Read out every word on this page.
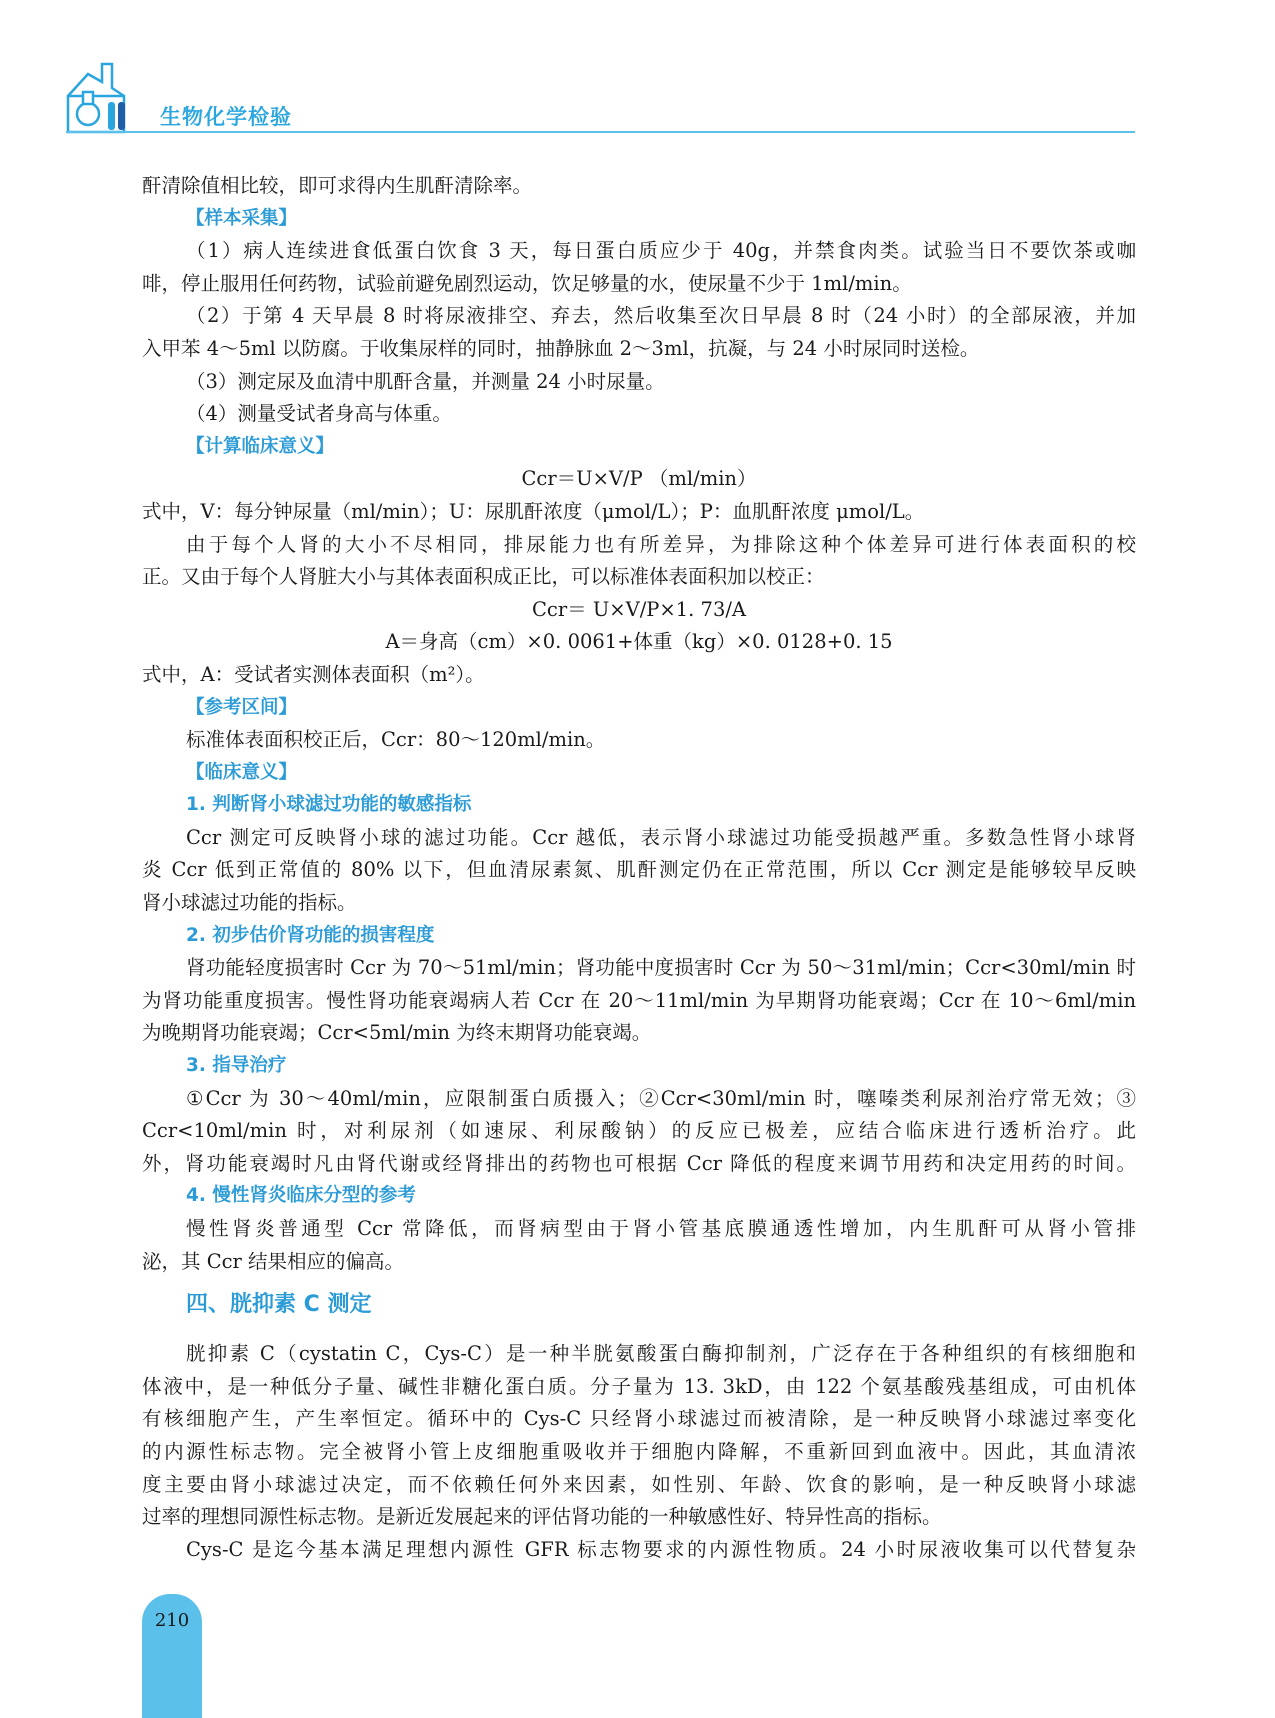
生物化学检验
酐清除值相比较，即可求得内生肌酐清除率。
【样本采集】
（1）病人连续进食低蛋白饮食 3 天，每日蛋白质应少于 40g，并禁食肉类。试验当日不要饮茶或咖
啡，停止服用任何药物，试验前避免剧烈运动，饮足够量的水，使尿量不少于 1ml/min。
（2）于第 4 天早晨 8 时将尿液排空、弃去，然后收集至次日早晨 8 时（24 小时）的全部尿液，并加
入甲苯 4～5ml 以防腐。于收集尿样的同时，抽静脉血 2～3ml，抗凝，与 24 小时尿同时送检。
（3）测定尿及血清中肌酐含量，并测量 24 小时尿量。
（4）测量受试者身高与体重。
【计算临床意义】
Ccr＝U×V/P （ml/min）
式中，V：每分钟尿量（ml/min）；U：尿肌酐浓度（μmol/L）；P：血肌酐浓度 μmol/L。
由于每个人肾的大小不尽相同，排尿能力也有所差异，为排除这种个体差异可进行体表面积的校
正。又由于每个人肾脏大小与其体表面积成正比，可以标准体表面积加以校正：
Ccr＝ U×V/P×1. 73/A
A＝身高（cm）×0. 0061+体重（kg）×0. 0128+0. 15
式中，A：受试者实测体表面积（m²）。
【参考区间】
标准体表面积校正后，Ccr：80～120ml/min。
【临床意义】
1. 判断肾小球滤过功能的敏感指标
Ccr 测定可反映肾小球的滤过功能。Ccr 越低，表示肾小球滤过功能受损越严重。多数急性肾小球肾
炎 Ccr 低到正常值的 80% 以下，但血清尿素氮、肌酐测定仍在正常范围，所以 Ccr 测定是能够较早反映
肾小球滤过功能的指标。
2. 初步估价肾功能的损害程度
肾功能轻度损害时 Ccr 为 70～51ml/min；肾功能中度损害时 Ccr 为 50～31ml/min；Ccr<30ml/min 时
为肾功能重度损害。慢性肾功能衰竭病人若 Ccr 在 20～11ml/min 为早期肾功能衰竭；Ccr 在 10～6ml/min
为晚期肾功能衰竭；Ccr<5ml/min 为终末期肾功能衰竭。
3. 指导治疗
①Ccr 为 30～40ml/min，应限制蛋白质摄入；②Ccr<30ml/min 时，噻嗪类利尿剂治疗常无效；③
Ccr<10ml/min 时，对利尿剂（如速尿、利尿酸钠）的反应已极差，应结合临床进行透析治疗。此
外，肾功能衰竭时凡由肾代谢或经肾排出的药物也可根据 Ccr 降低的程度来调节用药和决定用药的时间。
4. 慢性肾炎临床分型的参考
慢性肾炎普通型 Ccr 常降低，而肾病型由于肾小管基底膜通透性增加，内生肌酐可从肾小管排
泌，其 Ccr 结果相应的偏高。
四、胱抑素 C 测定
胱抑素 C（cystatin C，Cys-C）是一种半胱氨酸蛋白酶抑制剂，广泛存在于各种组织的有核细胞和
体液中，是一种低分子量、碱性非糖化蛋白质。分子量为 13. 3kD，由 122 个氨基酸残基组成，可由机体
有核细胞产生，产生率恒定。循环中的 Cys-C 只经肾小球滤过而被清除，是一种反映肾小球滤过率变化
的内源性标志物。完全被肾小管上皮细胞重吸收并于细胞内降解，不重新回到血液中。因此，其血清浓
度主要由肾小球滤过决定，而不依赖任何外来因素，如性别、年龄、饮食的影响，是一种反映肾小球滤
过率的理想同源性标志物。是新近发展起来的评估肾功能的一种敏感性好、特异性高的指标。
Cys-C 是迄今基本满足理想内源性 GFR 标志物要求的内源性物质。24 小时尿液收集可以代替复杂
210
